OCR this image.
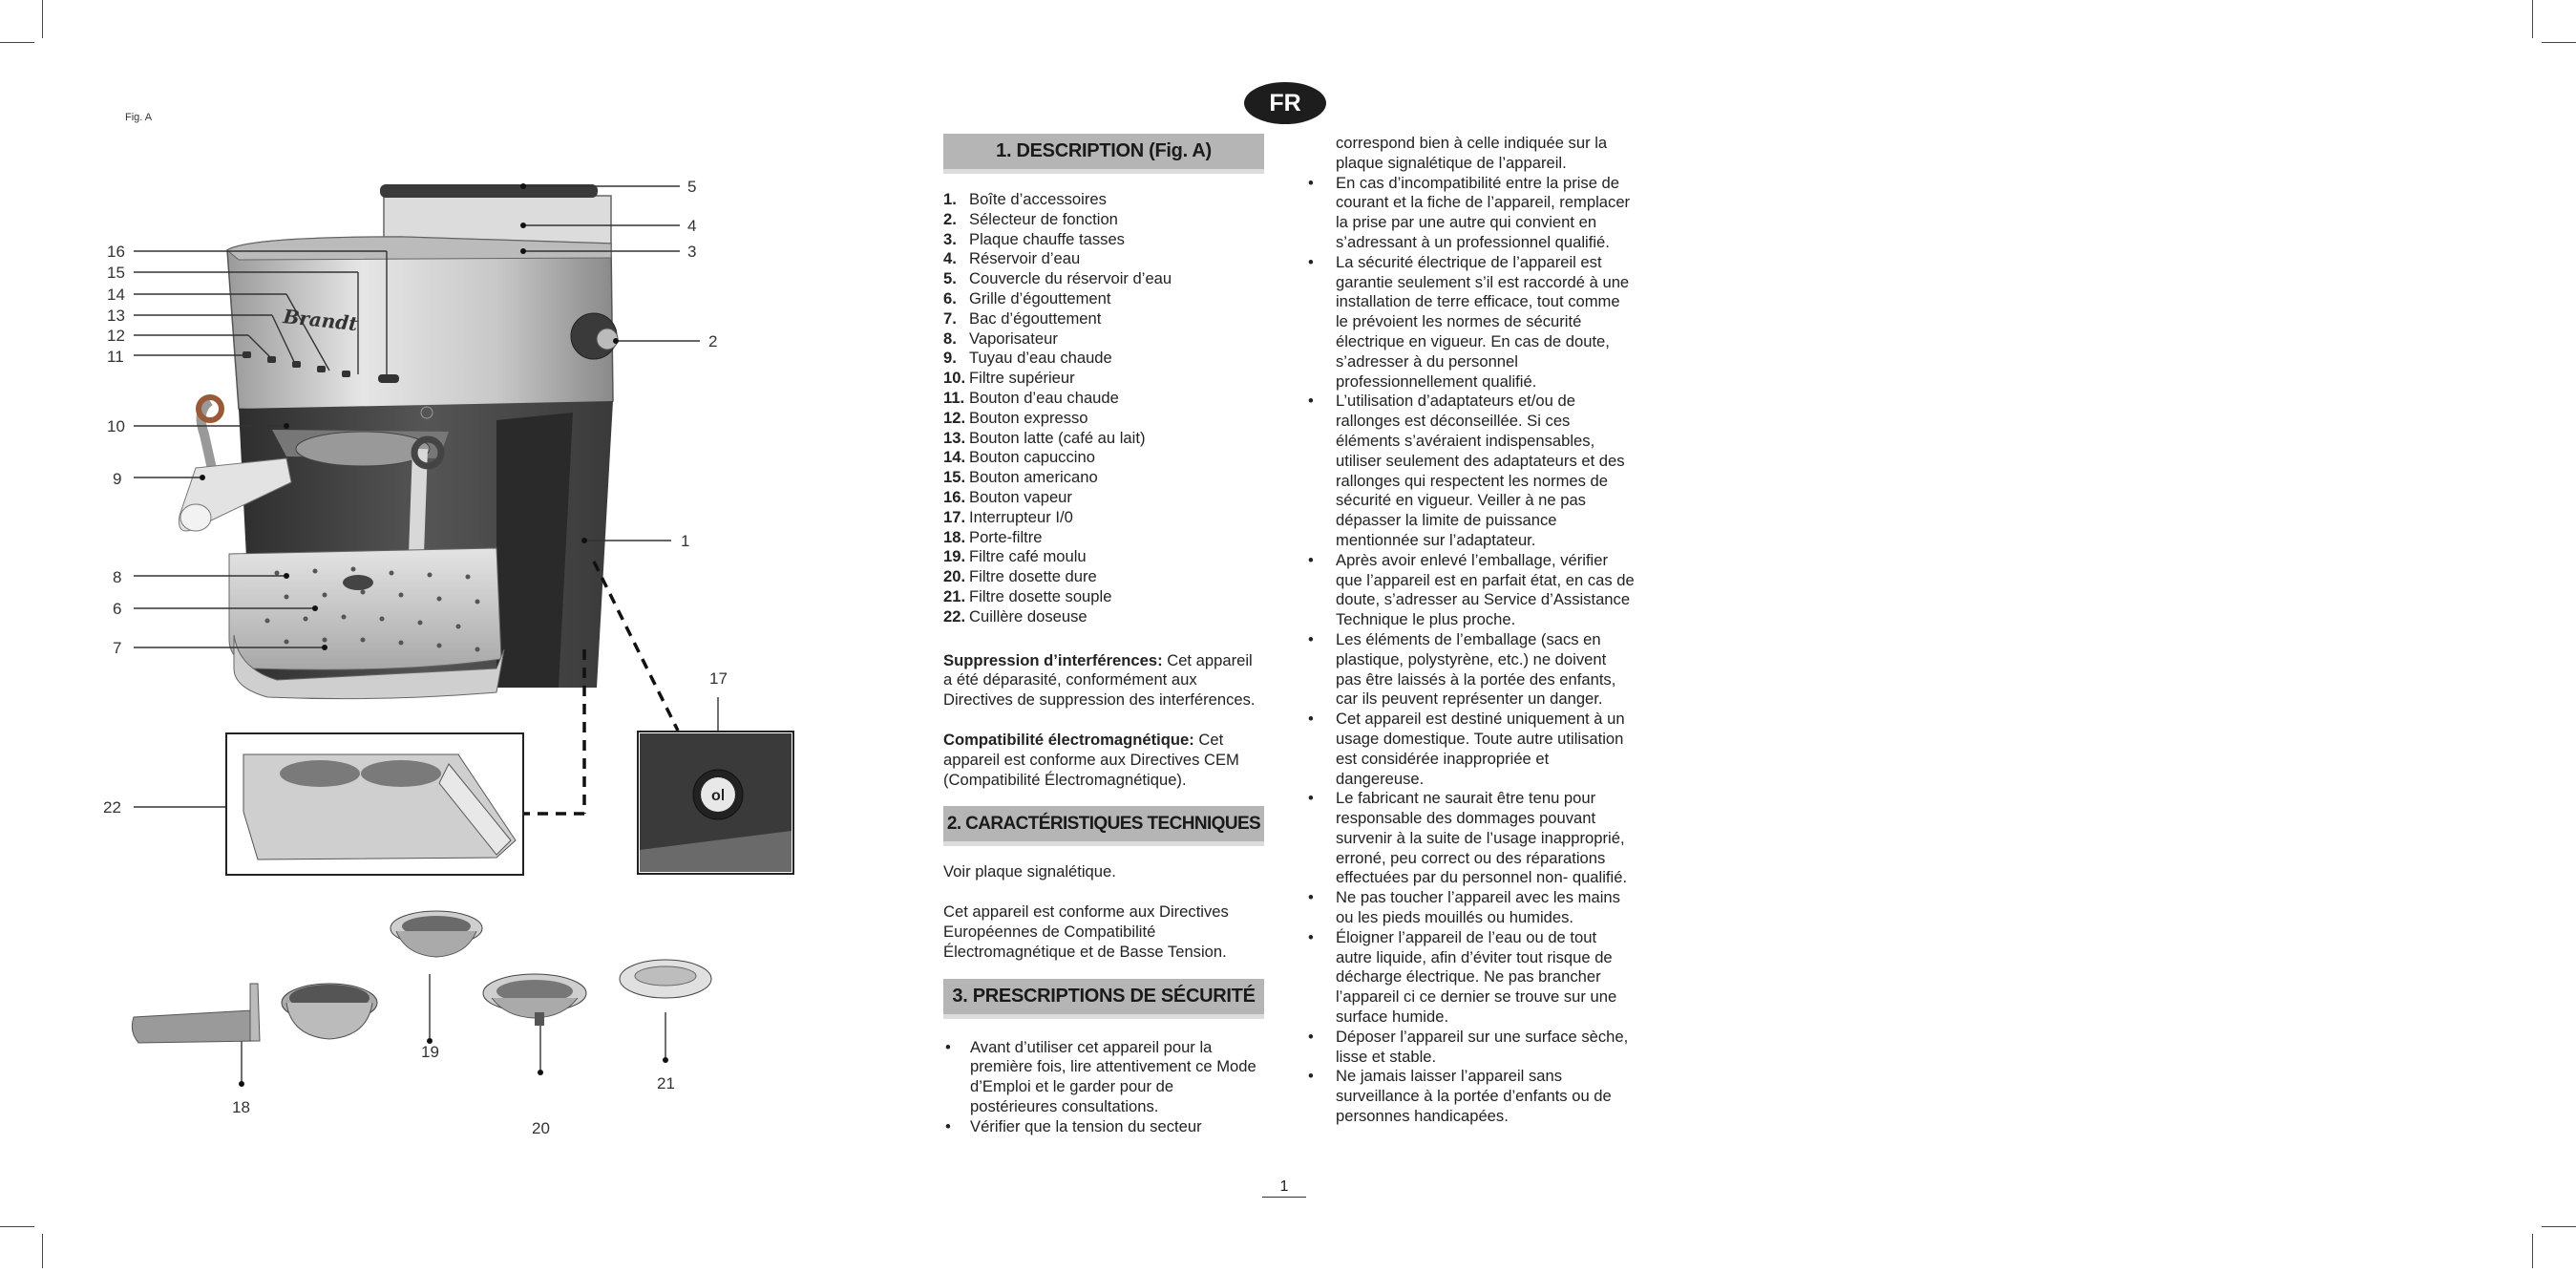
Fig. A
Brandt
o
16
15
14
13
12
11
10
9
8
6
7
22
5
4
3
2
1
17
19
18
21
20
FR
1. DESCRIPTION (Fig. A)
1. Boîte d’accessoires
2. Sélecteur de fonction
3. Plaque chauffe tasses
4. Réservoir d’eau
5. Couvercle du réservoir d’eau
6. Grille d’égouttement
7. Bac d’égouttement
8. Vaporisateur
9. Tuyau d’eau chaude
10. Filtre supérieur
11. Bouton d’eau chaude
12. Bouton expresso
13. Bouton latte (café au lait)
14. Bouton capuccino
15. Bouton americano
16. Bouton vapeur
17. Interrupteur I/0
18. Porte-filtre
19. Filtre café moulu
20. Filtre dosette dure
21. Filtre dosette souple
22. Cuillère doseuse

Suppression d’interférences: Cet appareil a été déparasité, conformément aux Directives de suppression des interférences.

Compatibilité électromagnétique: Cet appareil est conforme aux Directives CEM (Compatibilité Électromagnétique).

2. CARACTÉRISTIQUES TECHNIQUES

Voir plaque signalétique.

Cet appareil est conforme aux Directives Européennes de Compatibilité Électromagnétique et de Basse Tension.

3. PRESCRIPTIONS DE SÉCURITÉ
• Avant d’utiliser cet appareil pour la première fois, lire attentivement ce Mode d’Emploi et le garder pour de postérieures consultations.
• Vérifier que la tension du secteur
correspond bien à celle indiquée sur la plaque signalétique de l’appareil.
• En cas d’incompatibilité entre la prise de courant et la fiche de l’appareil, remplacer la prise par une autre qui convient en s’adressant à un professionnel qualifié.
• La sécurité électrique de l’appareil est garantie seulement s’il est raccordé à une installation de terre efficace, tout comme le prévoient les normes de sécurité électrique en vigueur. En cas de doute, s’adresser à du personnel professionnellement qualifié.
• L’utilisation d’adaptateurs et/ou de rallonges est déconseillée. Si ces éléments s’avéraient indispensables, utiliser seulement des adaptateurs et des rallonges qui respectent les normes de sécurité en vigueur. Veiller à ne pas dépasser la limite de puissance mentionnée sur l’adaptateur.
• Après avoir enlevé l’emballage, vérifier que l’appareil est en parfait état, en cas de doute, s’adresser au Service d’Assistance Technique le plus proche.
• Les éléments de l’emballage (sacs en plastique, polystyrène, etc.) ne doivent pas être laissés à la portée des enfants, car ils peuvent représenter un danger.
• Cet appareil est destiné uniquement à un usage domestique. Toute autre utilisation est considérée inappropriée et dangereuse.
• Le fabricant ne saurait être tenu pour responsable des dommages pouvant survenir à la suite de l’usage inapproprié, erroné, peu correct ou des réparations effectuées par du personnel non- qualifié.
• Ne pas toucher l’appareil avec les mains ou les pieds mouillés ou humides.
• Éloigner l’appareil de l’eau ou de tout autre liquide, afin d’éviter tout risque de décharge électrique. Ne pas brancher l’appareil ci ce dernier se trouve sur une surface humide.
• Déposer l’appareil sur une surface sèche, lisse et stable.
• Ne jamais laisser l’appareil sans surveillance à la portée d’enfants ou de personnes handicapées.
1
